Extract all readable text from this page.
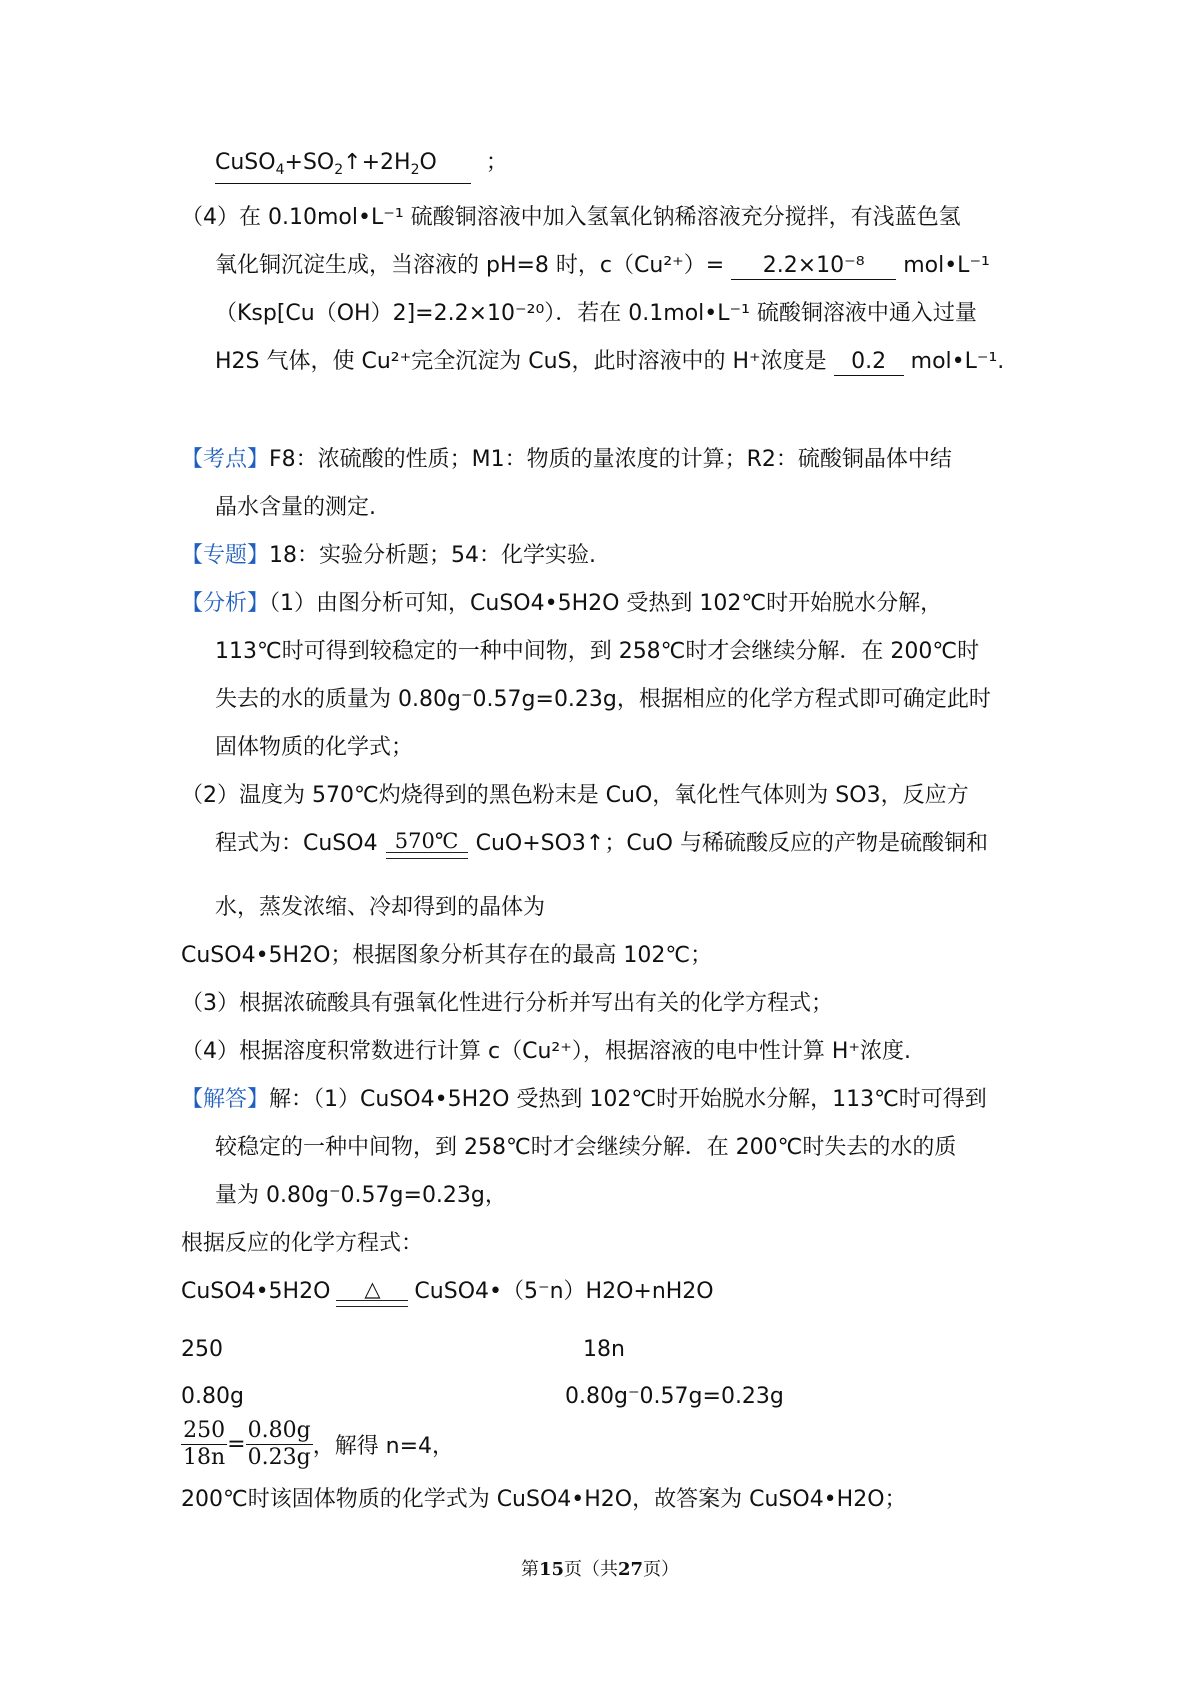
$CuSO_4+SO_2↑+2H_2O$ ；
（4）在 0.10mol•L⁻¹ 硫酸铜溶液中加入氢氧化钠稀溶液充分搅拌，有浅蓝色氢
氧化铜沉淀生成，当溶液的 pH=8 时，c（Cu²⁺）= 2.2×10⁻⁸ mol•L⁻¹
（Ksp[Cu（OH）2]=2.2×10⁻²⁰）．若在 0.1mol•L⁻¹ 硫酸铜溶液中通入过量
H2S 气体，使 Cu²⁺完全沉淀为 CuS，此时溶液中的 H⁺浓度是 0.2 mol•L⁻¹.
【考点】F8：浓硫酸的性质；M1：物质的量浓度的计算；R2：硫酸铜晶体中结
晶水含量的测定.
【专题】18：实验分析题；54：化学实验.
【分析】（1）由图分析可知，CuSO4•5H2O 受热到 102℃时开始脱水分解，
113℃时可得到较稳定的一种中间物，到 258℃时才会继续分解．在 200℃时
失去的水的质量为 0.80g⁻0.57g=0.23g，根据相应的化学方程式即可确定此时
固体物质的化学式；
（2）温度为 570℃灼烧得到的黑色粉末是 CuO，氧化性气体则为 SO3，反应方
程式为：CuSO4 570℃ CuO+SO3↑；CuO 与稀硫酸反应的产物是硫酸铜和
水，蒸发浓缩、冷却得到的晶体为
CuSO4•5H2O；根据图象分析其存在的最高 102℃；
（3）根据浓硫酸具有强氧化性进行分析并写出有关的化学方程式；
（4）根据溶度积常数进行计算 c（Cu²⁺），根据溶液的电中性计算 H⁺浓度.
【解答】解：（1）CuSO4•5H2O 受热到 102℃时开始脱水分解，113℃时可得到
较稳定的一种中间物，到 258℃时才会继续分解．在 200℃时失去的水的质
量为 0.80g⁻0.57g=0.23g，
根据反应的化学方程式：
CuSO4•5H2O	△	CuSO4•（5⁻n）H2O+nH2O
250	18n
0.80g	0.80g⁻0.57g=0.23g
$\frac{250}{18n} = \frac{0.80g}{0.23g}$ ，解得 n=4，
200℃时该固体物质的化学式为 CuSO4•H2O，故答案为 CuSO4•H2O；
第15页（共27页）
